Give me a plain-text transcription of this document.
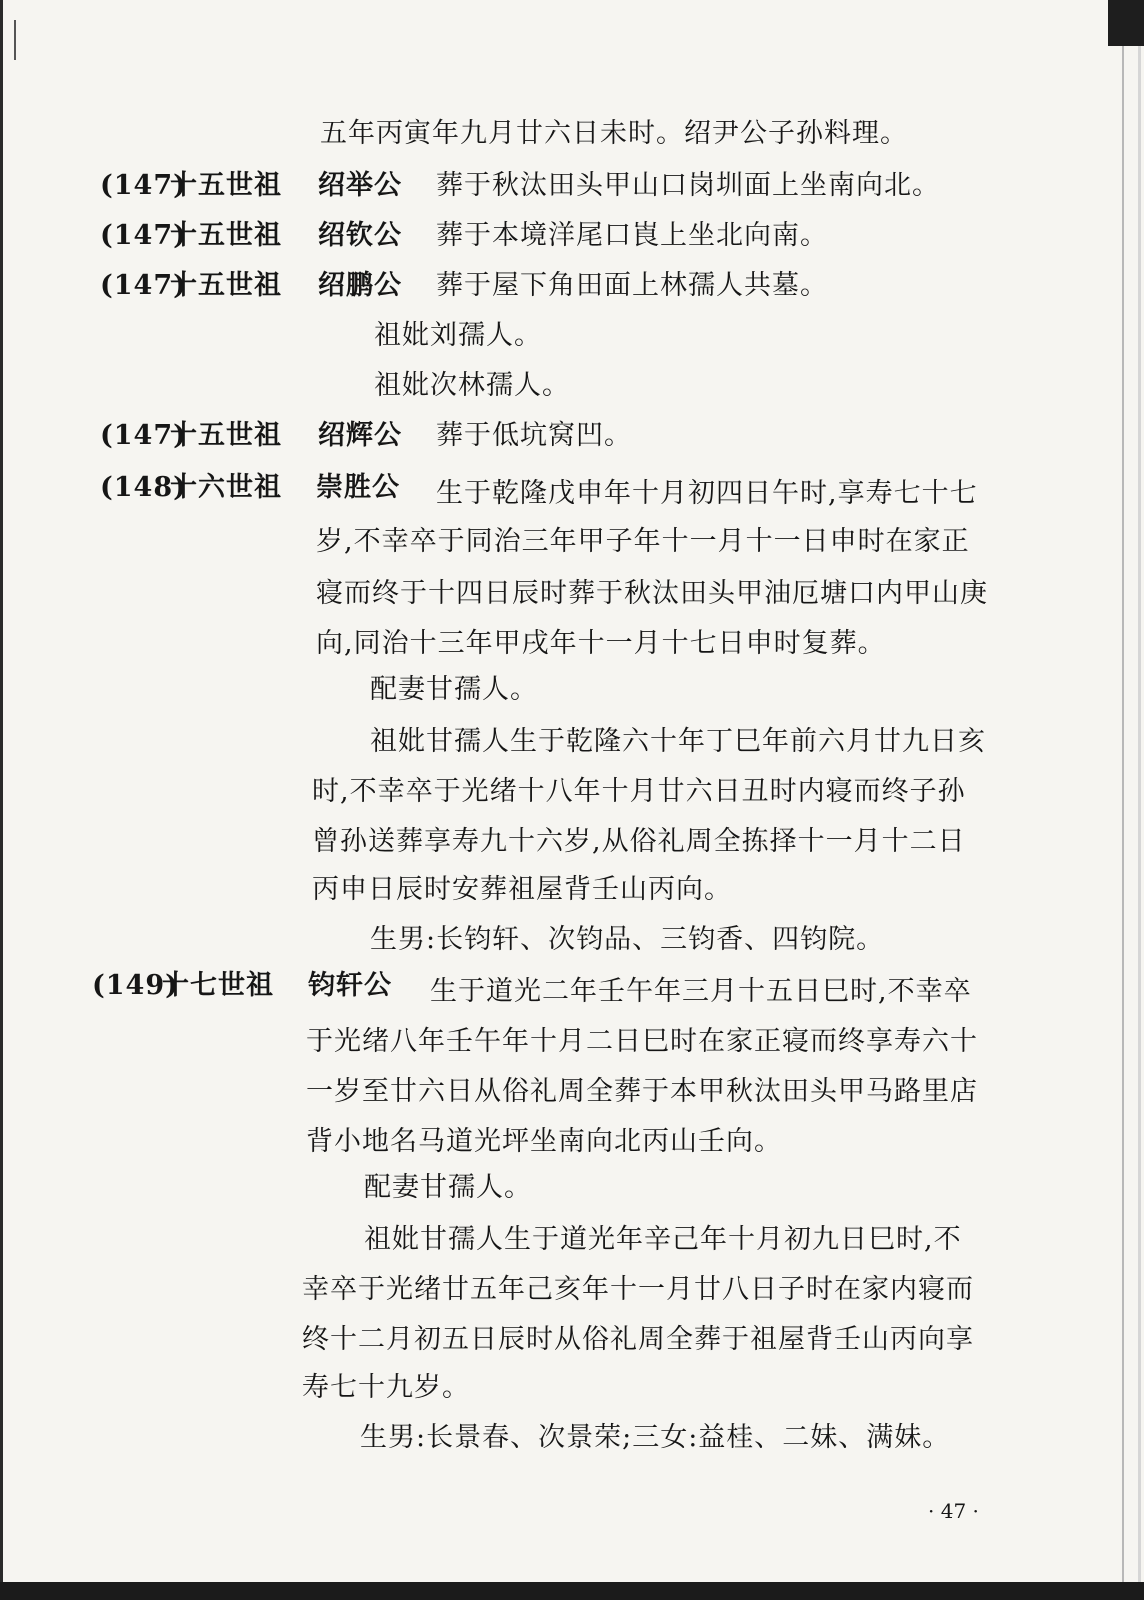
五年丙寅年九月廿六日未时。绍尹公子孙料理。
(147)
十五世祖 绍举公 葬于秋汰田头甲山口岗圳面上坐南向北。
(147)
十五世祖 绍钦公 葬于本境洋尾口崀上坐北向南。
(147)
十五世祖 绍鹏公 葬于屋下角田面上林孺人共墓。
祖妣刘孺人。
祖妣次林孺人。
(147)
十五世祖 绍辉公 葬于低坑窝凹。
(148)
十六世祖 崇胜公 生于乾隆戊申年十月初四日午时,享寿七十七
岁,不幸卒于同治三年甲子年十一月十一日申时在家正
寝而终于十四日辰时葬于秋汰田头甲油厄塘口内甲山庚
向,同治十三年甲戌年十一月十七日申时复葬。
配妻甘孺人。
祖妣甘孺人生于乾隆六十年丁巳年前六月廿九日亥
时,不幸卒于光绪十八年十月廿六日丑时内寝而终子孙
曾孙送葬享寿九十六岁,从俗礼周全拣择十一月十二日
丙申日辰时安葬祖屋背壬山丙向。
生男:长钧轩、次钧品、三钧香、四钧院。
(149)
十七世祖 钧轩公 生于道光二年壬午年三月十五日巳时,不幸卒
于光绪八年壬午年十月二日巳时在家正寝而终享寿六十
一岁至廿六日从俗礼周全葬于本甲秋汰田头甲马路里店
背小地名马道光坪坐南向北丙山壬向。
配妻甘孺人。
祖妣甘孺人生于道光年辛己年十月初九日巳时,不
幸卒于光绪廿五年己亥年十一月廿八日子时在家内寝而
终十二月初五日辰时从俗礼周全葬于祖屋背壬山丙向享
寿七十九岁。
生男:长景春、次景荣;三女:益桂、二妹、满妹。
· 47 ·
